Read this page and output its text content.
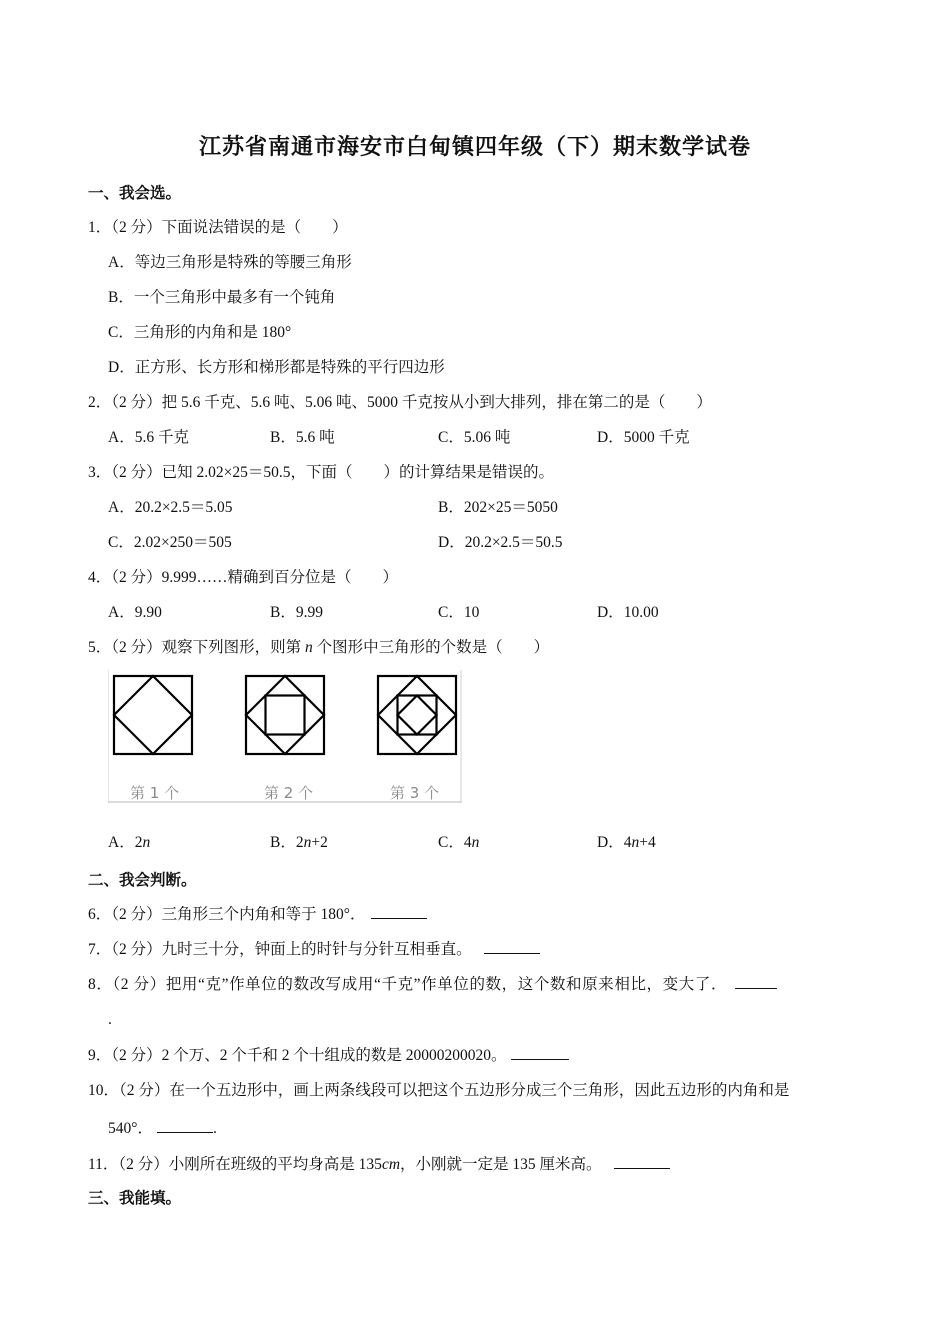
江苏省南通市海安市白甸镇四年级（下）期末数学试卷
一、我会选。
1．（2 分）下面说法错误的是（　　）
A．等边三角形是特殊的等腰三角形
B．一个三角形中最多有一个钝角
C．三角形的内角和是 180°
D．正方形、长方形和梯形都是特殊的平行四边形
2．（2 分）把 5.6 千克、5.6 吨、5.06 吨、5000 千克按从小到大排列，排在第二的是（　　）
A．5.6 千克	B．5.6 吨	C．5.06 吨	D．5000 千克
3．（2 分）已知 2.02×25＝50.5，下面（　　）的计算结果是错误的。
A．20.2×2.5＝5.05	B．202×25＝5050
C．2.02×250＝505	D．20.2×2.5＝50.5
4．（2 分）9.999……精确到百分位是（　　）
A．9.90	B．9.99	C．10	D．10.00
5．（2 分）观察下列图形，则第 n 个图形中三角形的个数是（　　）
第 1 个	第 2 个	第 3 个
A．2n	B．2n+2	C．4n	D．4n+4
二、我会判断。
6．（2 分）三角形三个内角和等于 180°．
7．（2 分）九时三十分，钟面上的时针与分针互相垂直。
8．（2 分）把用“克”作单位的数改写成用“千克”作单位的数，这个数和原来相比，变大了．
.
9．（2 分）2 个万、2 个千和 2 个十组成的数是 20000200020。
10．（2 分）在一个五边形中，画上两条线段可以把这个五边形分成三个三角形，因此五边形的内角和是
540°．	.
11．（2 分）小刚所在班级的平均身高是 135cm，小刚就一定是 135 厘米高。
三、我能填。
